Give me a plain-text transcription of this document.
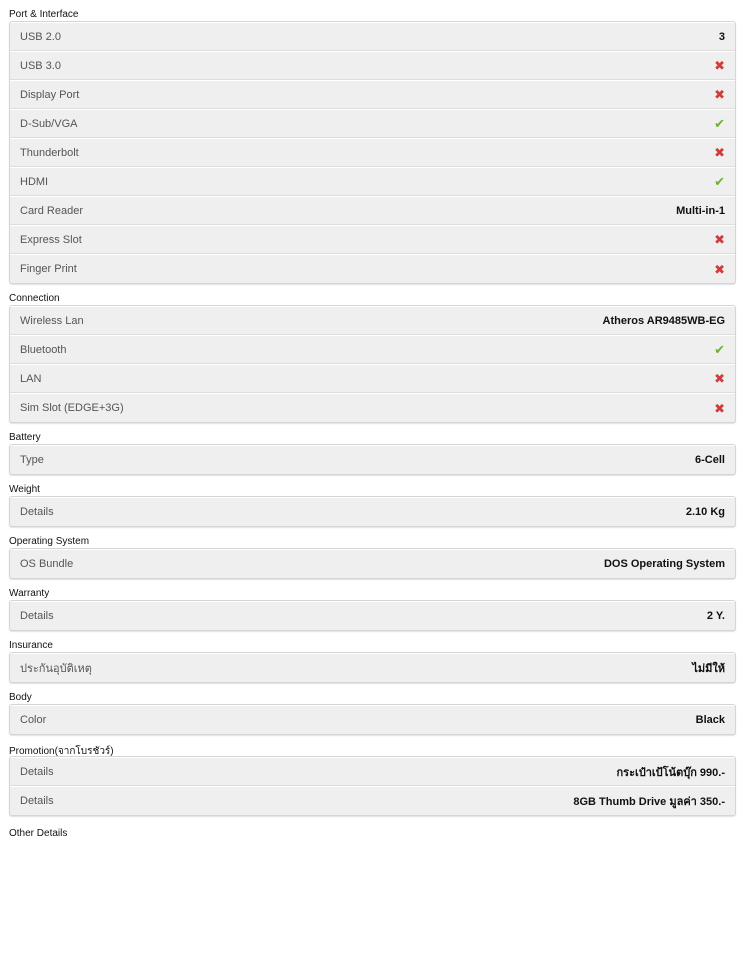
Port & Interface
USB 2.0	3
USB 3.0	✖
Display Port	✖
D-Sub/VGA	✔
Thunderbolt	✖
HDMI	✔
Card Reader	Multi-in-1
Express Slot	✖
Finger Print	✖
Connection
Wireless Lan	Atheros AR9485WB-EG
Bluetooth	✔
LAN	✖
Sim Slot (EDGE+3G)	✖
Battery
Type	6-Cell
Weight
Details	2.10 Kg
Operating System
OS Bundle	DOS Operating System
Warranty
Details	2 Y.
Insurance
ประกันอุบัติเหตุ	ไม่มีให้
Body
Color	Black
Promotion(จากโบรชัวร์)
Details	กระเป๋าเป้โน้ตบุ๊ก 990.-
Details	8GB Thumb Drive มูลค่า 350.-
Other Details
